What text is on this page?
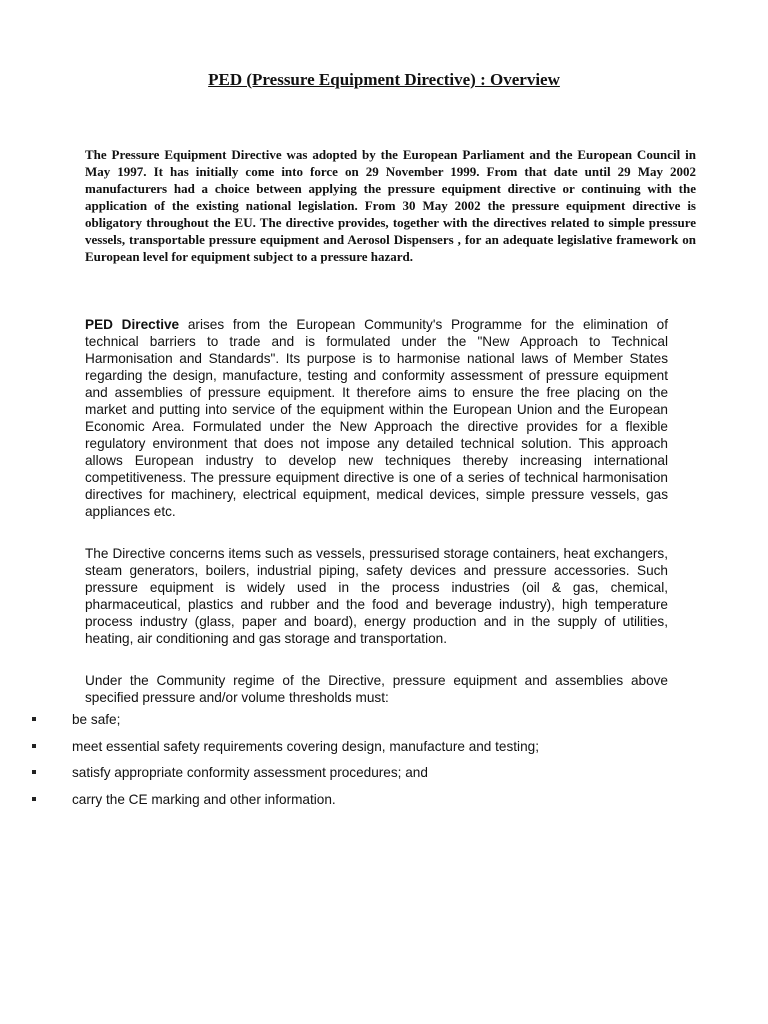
PED (Pressure Equipment Directive) : Overview

The Pressure Equipment Directive was adopted by the European Parliament and the European Council in May 1997. It has initially come into force on 29 November 1999. From that date until 29 May 2002 manufacturers had a choice between applying the pressure equipment directive or continuing with the application of the existing national legislation. From 30 May 2002 the pressure equipment directive is obligatory throughout the EU. The directive provides, together with the directives related to simple pressure vessels, transportable pressure equipment and Aerosol Dispensers , for an adequate legislative framework on European level for equipment subject to a pressure hazard.

PED Directive arises from the European Community's Programme for the elimination of technical barriers to trade and is formulated under the "New Approach to Technical Harmonisation and Standards". Its purpose is to harmonise national laws of Member States regarding the design, manufacture, testing and conformity assessment of pressure equipment and assemblies of pressure equipment. It therefore aims to ensure the free placing on the market and putting into service of the equipment within the European Union and the European Economic Area. Formulated under the New Approach the directive provides for a flexible regulatory environment that does not impose any detailed technical solution. This approach allows European industry to develop new techniques thereby increasing international competitiveness. The pressure equipment directive is one of a series of technical harmonisation directives for machinery, electrical equipment, medical devices, simple pressure vessels, gas appliances etc.

The Directive concerns items such as vessels, pressurised storage containers, heat exchangers, steam generators, boilers, industrial piping, safety devices and pressure accessories. Such pressure equipment is widely used in the process industries (oil & gas, chemical, pharmaceutical, plastics and rubber and the food and beverage industry), high temperature process industry (glass, paper and board), energy production and in the supply of utilities, heating, air conditioning and gas storage and transportation.

Under the Community regime of the Directive, pressure equipment and assemblies above specified pressure and/or volume thresholds must:

be safe;
meet essential safety requirements covering design, manufacture and testing;
satisfy appropriate conformity assessment procedures; and
carry the CE marking and other information.
